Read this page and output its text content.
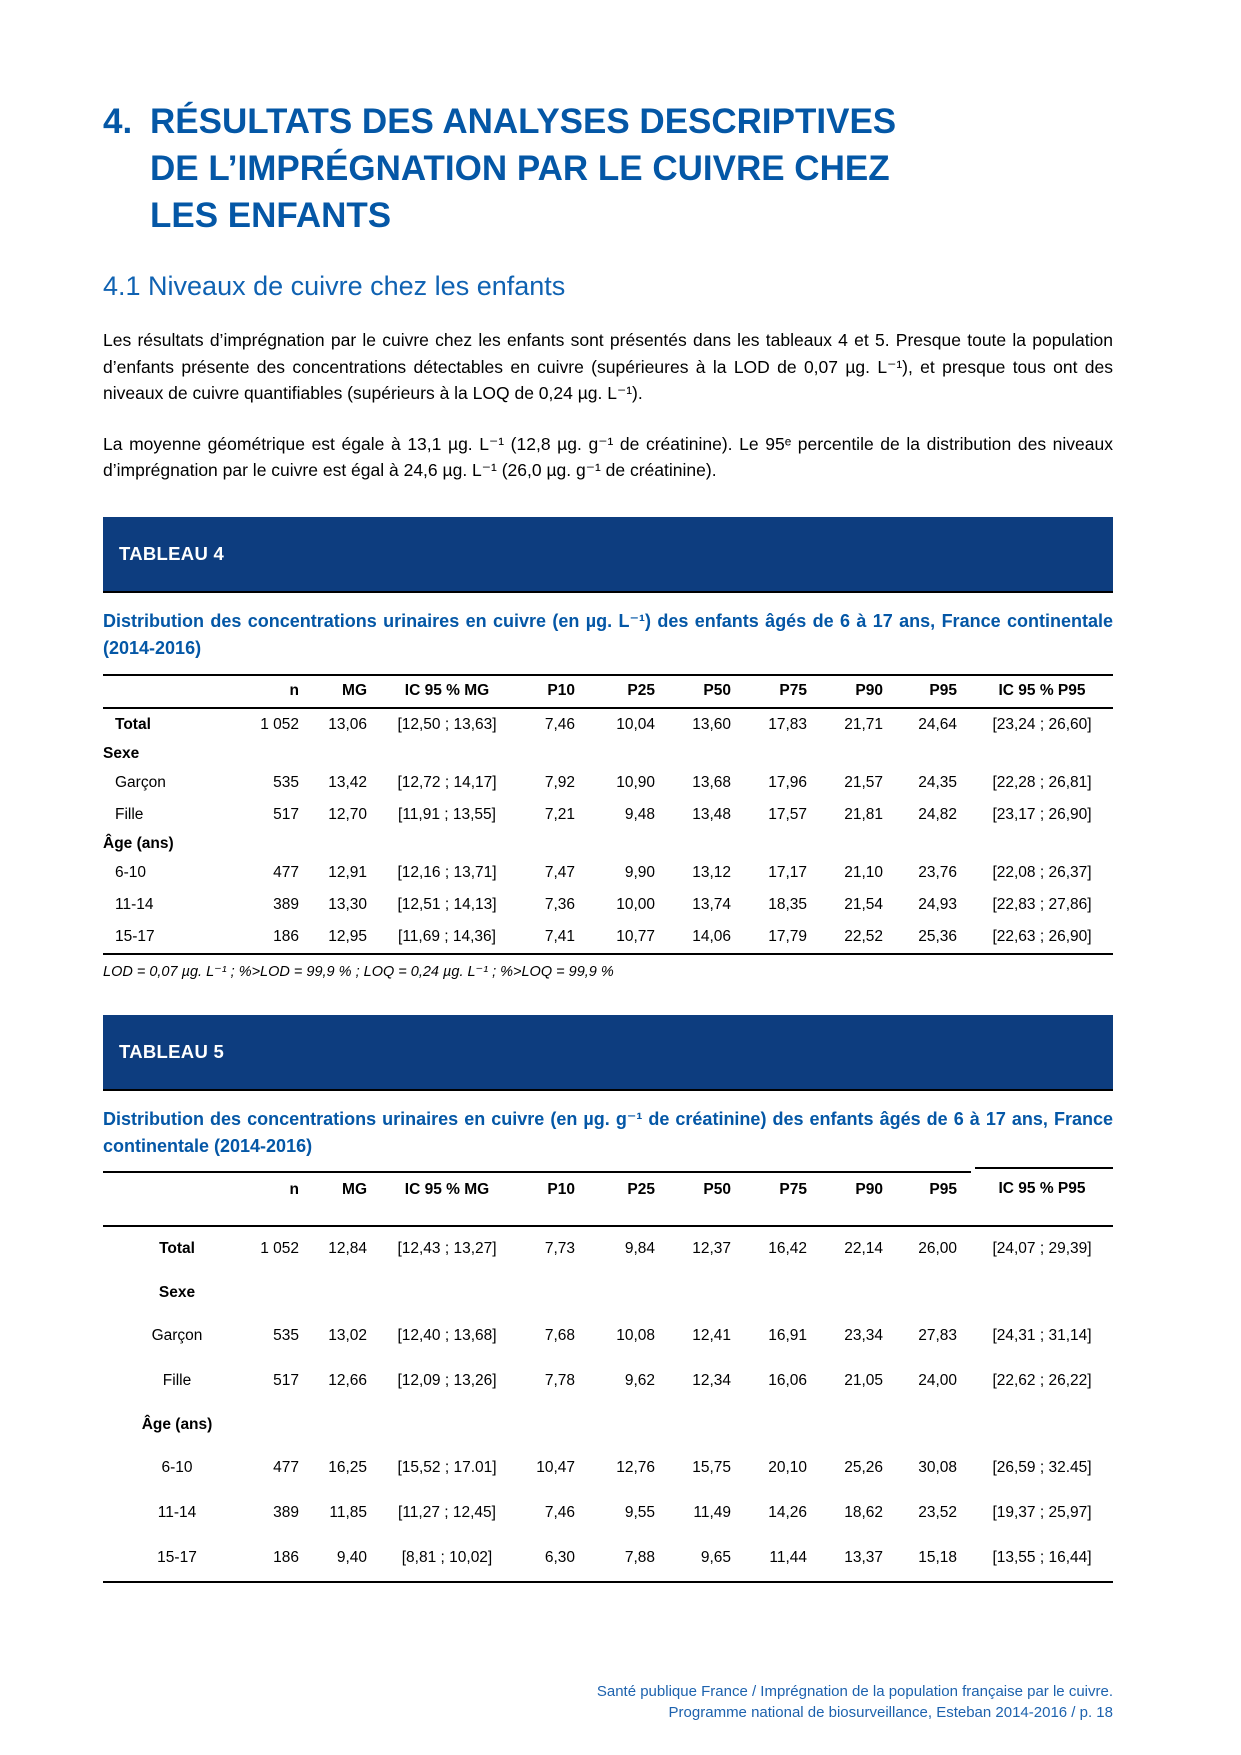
4. RÉSULTATS DES ANALYSES DESCRIPTIVES
DE L’IMPRÉGNATION PAR LE CUIVRE CHEZ
LES ENFANTS
4.1 Niveaux de cuivre chez les enfants

Les résultats d’imprégnation par le cuivre chez les enfants sont présentés dans les tableaux 4 et 5. Presque toute la population d’enfants présente des concentrations détectables en cuivre (supérieures à la LOD de 0,07 µg. L⁻¹), et presque tous ont des niveaux de cuivre quantifiables (supérieurs à la LOQ de 0,24 µg. L⁻¹).

La moyenne géométrique est égale à 13,1 µg. L⁻¹ (12,8 µg. g⁻¹ de créatinine). Le 95ᵉ percentile de la distribution des niveaux d’imprégnation par le cuivre est égal à 24,6 µg. L⁻¹ (26,0 µg. g⁻¹ de créatinine).

TABLEAU 4

Distribution des concentrations urinaires en cuivre (en µg. L⁻¹) des enfants âgés de 6 à 17 ans, France continentale (2014-2016)

	n	MG	IC 95 % MG	P10	P25	P50	P75	P90	P95	IC 95 % P95
Total	1 052	13,06	[12,50 ; 13,63]	7,46	10,04	13,60	17,83	21,71	24,64	[23,24 ; 26,60]
Sexe										
Garçon	535	13,42	[12,72 ; 14,17]	7,92	10,90	13,68	17,96	21,57	24,35	[22,28 ; 26,81]
Fille	517	12,70	[11,91 ; 13,55]	7,21	9,48	13,48	17,57	21,81	24,82	[23,17 ; 26,90]
Âge (ans)										
6-10	477	12,91	[12,16 ; 13,71]	7,47	9,90	13,12	17,17	21,10	23,76	[22,08 ; 26,37]
11-14	389	13,30	[12,51 ; 14,13]	7,36	10,00	13,74	18,35	21,54	24,93	[22,83 ; 27,86]
15-17	186	12,95	[11,69 ; 14,36]	7,41	10,77	14,06	17,79	22,52	25,36	[22,63 ; 26,90]

LOD = 0,07 µg. L⁻¹ ; %>LOD = 99,9 % ; LOQ = 0,24 µg. L⁻¹ ; %>LOQ = 99,9 %

TABLEAU 5

Distribution des concentrations urinaires en cuivre (en µg. g⁻¹ de créatinine) des enfants âgés de 6 à 17 ans, France continentale (2014-2016)

	n	MG	IC 95 % MG	P10	P25	P50	P75	P90	P95	IC 95 % P95
Total	1 052	12,84	[12,43 ; 13,27]	7,73	9,84	12,37	16,42	22,14	26,00	[24,07 ; 29,39]
Sexe										
Garçon	535	13,02	[12,40 ; 13,68]	7,68	10,08	12,41	16,91	23,34	27,83	[24,31 ; 31,14]
Fille	517	12,66	[12,09 ; 13,26]	7,78	9,62	12,34	16,06	21,05	24,00	[22,62 ; 26,22]
Âge (ans)										
6-10	477	16,25	[15,52 ; 17.01]	10,47	12,76	15,75	20,10	25,26	30,08	[26,59 ; 32.45]
11-14	389	11,85	[11,27 ; 12,45]	7,46	9,55	11,49	14,26	18,62	23,52	[19,37 ; 25,97]
15-17	186	9,40	[8,81 ; 10,02]	6,30	7,88	9,65	11,44	13,37	15,18	[13,55 ; 16,44]
Santé publique France / Imprégnation de la population française par le cuivre.
Programme national de biosurveillance, Esteban 2014-2016 / p. 18
